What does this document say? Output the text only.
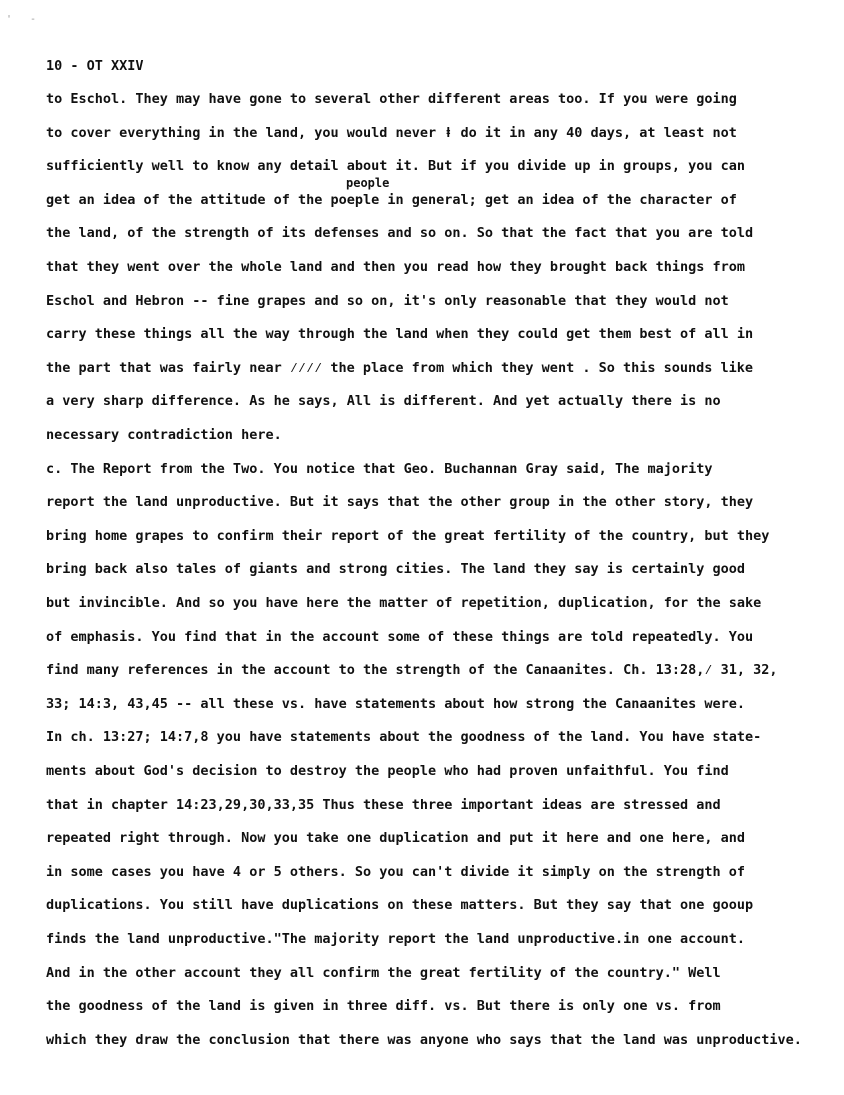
' -
10 - OT XXIV
people
to Eschol. They may have gone to several other different areas too. If you were going
to cover everything in the land, you would never ⱡ do it in any 40 days, at least not
sufficiently well to know any detail about it. But if you divide up in groups, you can
get an idea of the attitude of the poeple in general; get an idea of the character of
the land, of the strength of its defenses and so on. So that the fact that you are told
that they went over the whole land and then you read how they brought back things from
Eschol and Hebron -- fine grapes and so on, it's only reasonable that they would not
carry these things all the way through the land when they could get them best of all in
the part that was fairly near ⁄⁄⁄⁄ the place from which they went . So this sounds like
a very sharp difference. As he says, All is different. And yet actually there is no
necessary contradiction here.
c. The Report from the Two. You notice that Geo. Buchannan Gray said, The majority
report the land unproductive. But it says that the other group in the other story, they
bring home grapes to confirm their report of the great fertility of the country, but they
bring back also tales of giants and strong cities. The land they say is certainly good
but invincible. And so you have here the matter of repetition, duplication, for the sake
of emphasis. You find that in the account some of these things are told repeatedly. You
find many references in the account to the strength of the Canaanites. Ch. 13:28,⁄ 31, 32,
33; 14:3, 43,45 -- all these vs. have statements about how strong the Canaanites were.
In ch. 13:27; 14:7,8 you have statements about the goodness of the land. You have state-
ments about God's decision to destroy the people who had proven unfaithful. You find
that in chapter 14:23,29,30,33,35 Thus these three important ideas are stressed and
repeated right through. Now you take one duplication and put it here and one here, and
in some cases you have 4 or 5 others. So you can't divide it simply on the strength of
duplications. You still have duplications on these matters. But they say that one gooup
finds the land unproductive."The majority report the land unproductive.in one account.
And in the other account they all confirm the great fertility of the country." Well
the goodness of the land is given in three diff. vs. But there is only one vs. from
which they draw the conclusion that there was anyone who says that the land was unproductive.
